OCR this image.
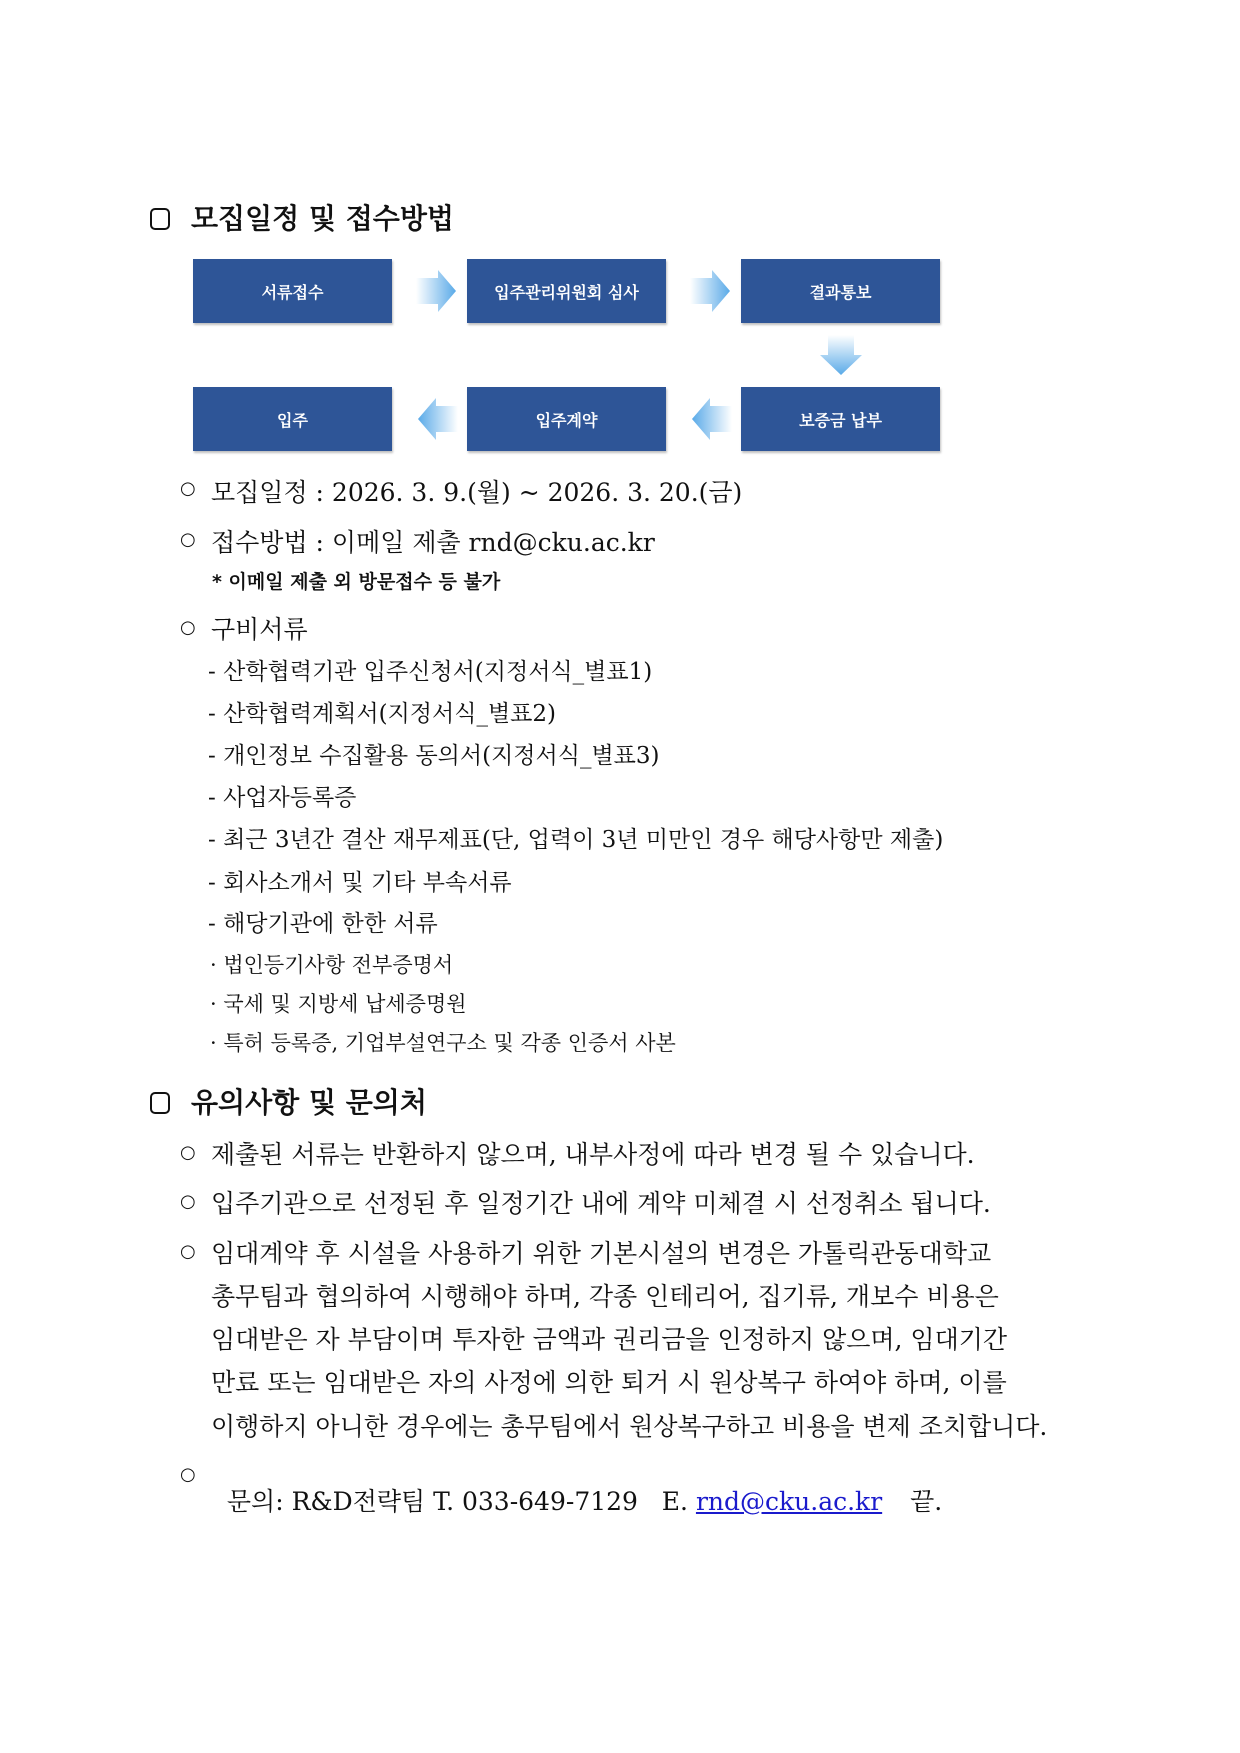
모집일정 및 접수방법
서류접수	입주관리위원회 심사	결과통보
보증금 납부
입주계약
입주
○ 모집일정 : 2026. 3. 9.(월) ~ 2026. 3. 20.(금)
○ 접수방법 : 이메일 제출 rnd@cku.ac.kr
* 이메일 제출 외 방문접수 등 불가
○ 구비서류
- 산학협력기관 입주신청서(지정서식_별표1)
- 산학협력계획서(지정서식_별표2)
- 개인정보 수집활용 동의서(지정서식_별표3)
- 사업자등록증
- 최근 3년간 결산 재무제표(단, 업력이 3년 미만인 경우 해당사항만 제출)
- 회사소개서 및 기타 부속서류
- 해당기관에 한한 서류
· 법인등기사항 전부증명서
· 국세 및 지방세 납세증명원
· 특허 등록증, 기업부설연구소 및 각종 인증서 사본
유의사항 및 문의처
○ 제출된 서류는 반환하지 않으며, 내부사정에 따라 변경 될 수 있습니다.
○ 입주기관으로 선정된 후 일정기간 내에 계약 미체결 시 선정취소 됩니다.
○ 임대계약 후 시설을 사용하기 위한 기본시설의 변경은 가톨릭관동대학교
총무팀과 협의하여 시행해야 하며, 각종 인테리어, 집기류, 개보수 비용은
임대받은 자 부담이며 투자한 금액과 권리금을 인정하지 않으며, 임대기간
만료 또는 임대받은 자의 사정에 의한 퇴거 시 원상복구 하여야 하며, 이를
이행하지 아니한 경우에는 총무팀에서 원상복구하고 비용을 변제 조치합니다.
○

문의: R&D전략팀 T. 033-649-7129   E. rnd@cku.ac.kr 끝.
